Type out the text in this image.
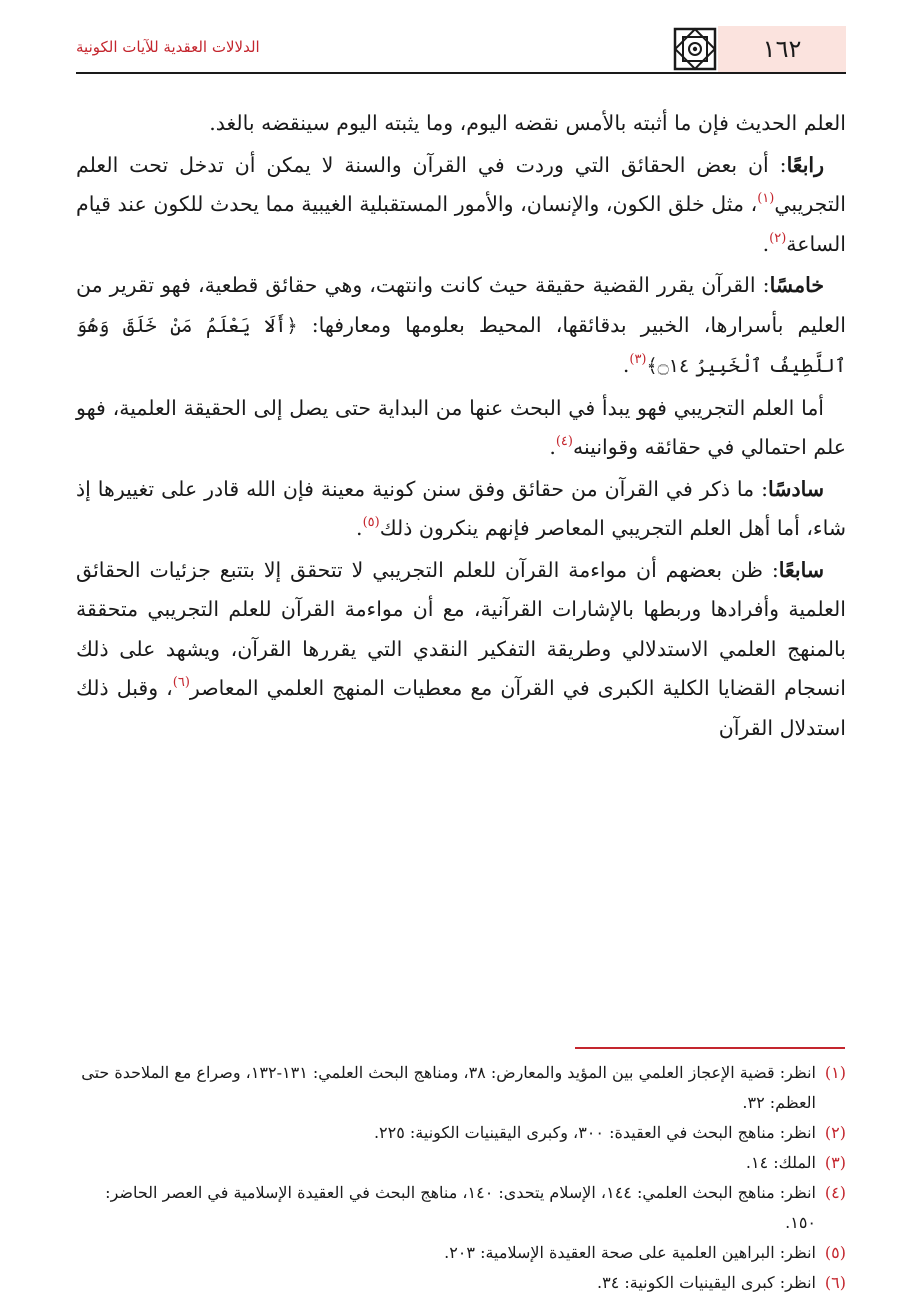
١٦٢
الدلالات العقدية للآيات الكونية

العلم الحديث فإن ما أثبته بالأمس نقضه اليوم، وما يثبته اليوم سينقضه بالغد.

رابعًا: أن بعض الحقائق التي وردت في القرآن والسنة لا يمكن أن تدخل تحت العلم التجريبي$^{(١)}$، مثل خلق الكون، والإنسان، والأمور المستقبلية الغيبية مما يحدث للكون عند قيام الساعة$^{(٢)}$.

خامسًا: القرآن يقرر القضية حقيقة حيث كانت وانتهت، وهي حقائق قطعية، فهو تقرير من العليم بأسرارها، الخبير بدقائقها، المحيط بعلومها ومعارفها: ﴿أَلَا يَعْلَمُ مَنْ خَلَقَ وَهُوَ ٱللَّطِيفُ ٱلْخَبِيرُ ۝١٤﴾$^{(٣)}$.

أما العلم التجريبي فهو يبدأ في البحث عنها من البداية حتى يصل إلى الحقيقة العلمية، فهو علم احتمالي في حقائقه وقوانينه$^{(٤)}$.

سادسًا: ما ذكر في القرآن من حقائق وفق سنن كونية معينة فإن الله قادر على تغييرها إذ شاء، أما أهل العلم التجريبي المعاصر فإنهم ينكرون ذلك$^{(٥)}$.

سابعًا: ظن بعضهم أن مواءمة القرآن للعلم التجريبي لا تتحقق إلا بتتبع جزئيات الحقائق العلمية وأفرادها وربطها بالإشارات القرآنية، مع أن مواءمة القرآن للعلم التجريبي متحققة بالمنهج العلمي الاستدلالي وطريقة التفكير النقدي التي يقررها القرآن، ويشهد على ذلك انسجام القضايا الكلية الكبرى في القرآن مع معطيات المنهج العلمي المعاصر$^{(٦)}$، وقبل ذلك استدلال القرآن

(١)
انظر: قضية الإعجاز العلمي بين المؤيد والمعارض: ٣٨، ومناهج البحث العلمي: ١٣١-١٣٢، وصراع مع الملاحدة حتى العظم: ٣٢.
(٢)
انظر: مناهج البحث في العقيدة: ٣٠٠، وكبرى اليقينيات الكونية: ٢٢٥.
(٣)
الملك: ١٤.
(٤)
انظر: مناهج البحث العلمي: ١٤٤، الإسلام يتحدى: ١٤٠، مناهج البحث في العقيدة الإسلامية في العصر الحاضر: ١٥٠.
(٥)
انظر: البراهين العلمية على صحة العقيدة الإسلامية: ٢٠٣.
(٦)
انظر: كبرى اليقينيات الكونية: ٣٤.
